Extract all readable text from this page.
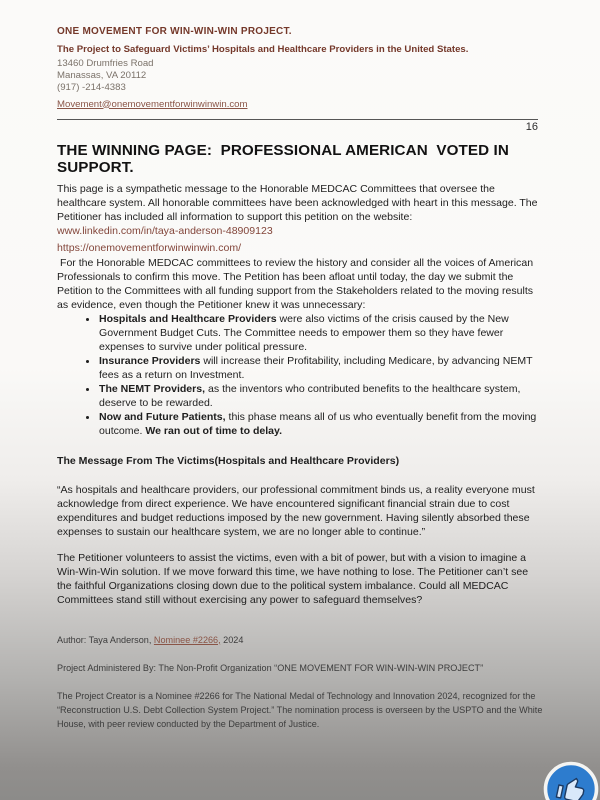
ONE MOVEMENT FOR WIN-WIN-WIN PROJECT.

The Project to Safeguard Victims’ Hospitals and Healthcare Providers in the United States.

13460 Drumfries Road

Manassas, VA 20112

(917) -214-4383

Movement@onemovementforwinwinwin.com

16

THE WINNING PAGE:  PROFESSIONAL AMERICAN  VOTED IN SUPPORT.

This page is a sympathetic message to the Honorable MEDCAC Committees that oversee the healthcare system. All honorable committees have been acknowledged with heart in this message. The Petitioner has included all information to support this petition on the website:

www.linkedin.com/in/taya-anderson-48909123
https://onemovementforwinwinwin.com/

For the Honorable MEDCAC committees to review the history and consider all the voices of American Professionals to confirm this move. The Petition has been afloat until today, the day we submit the Petition to the Committees with all funding support from the Stakeholders related to the moving results as evidence, even though the Petitioner knew it was unnecessary:

• Hospitals and Healthcare Providers were also victims of the crisis caused by the New Government Budget Cuts. The Committee needs to empower them so they have fewer expenses to survive under political pressure.
• Insurance Providers will increase their Profitability, including Medicare, by advancing NEMT fees as a return on Investment.
• The NEMT Providers, as the inventors who contributed benefits to the healthcare system, deserve to be rewarded.
• Now and Future Patients, this phase means all of us who eventually benefit from the moving outcome. We ran out of time to delay.

The Message From The Victims(Hospitals and Healthcare Providers)

“As hospitals and healthcare providers, our professional commitment binds us, a reality everyone must acknowledge from direct experience. We have encountered significant financial strain due to cost expenditures and budget reductions imposed by the new government. Having silently absorbed these expenses to sustain our healthcare system, we are no longer able to continue.”

The Petitioner volunteers to assist the victims, even with a bit of power, but with a vision to imagine a Win-Win-Win solution. If we move forward this time, we have nothing to lose. The Petitioner can’t see the faithful Organizations closing down due to the political system imbalance. Could all MEDCAC Committees stand still without exercising any power to safeguard themselves?

Author: Taya Anderson, Nominee #2266, 2024

Project Administered By: The Non-Profit Organization “ONE MOVEMENT FOR WIN-WIN-WIN PROJECT”

The Project Creator is a Nominee #2266 for The National Medal of Technology and Innovation 2024, recognized for the “Reconstruction U.S. Debt Collection System Project.” The nomination process is overseen by the USPTO and the White House, with peer review conducted by the Department of Justice.
